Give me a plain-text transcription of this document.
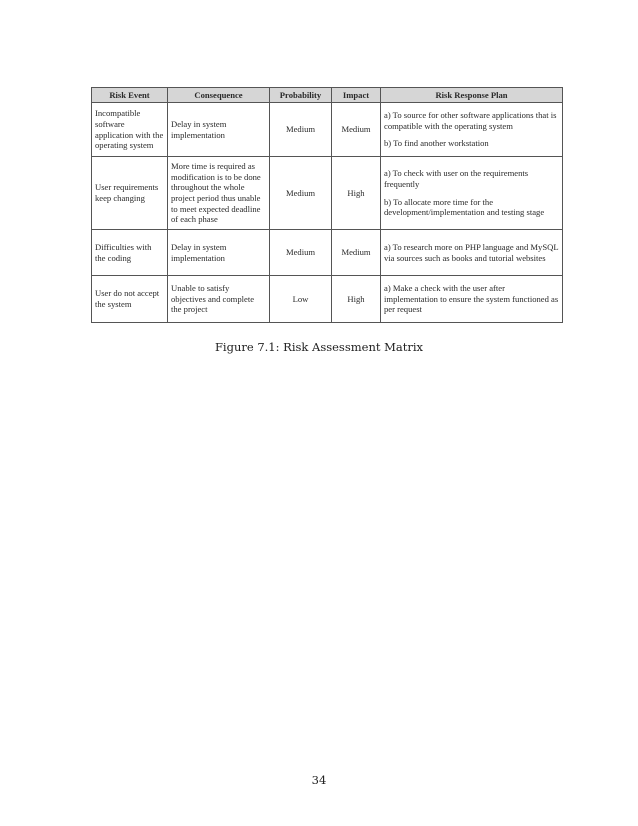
Risk Event	Consequence	Probability	Impact	Risk Response Plan
Incompatible software application with the operating system	Delay in system implementation	Medium	Medium	a) To source for other software applications that is compatible with the operating system
b) To find another workstation

User requirements keep changing	More time is required as modification is to be done throughout the whole project period thus unable to meet expected deadline of each phase	Medium	High	a) To check with user on the requirements frequently
b) To allocate more time for the development/implementation and testing stage

Difficulties with the coding	Delay in system implementation	Medium	Medium	a) To research more on PHP language and MySQL via sources such as books and tutorial websites

User do not accept the system	Unable to satisfy objectives and complete the project	Low	High	a) Make a check with the user after implementation to ensure the system functioned as per request
Figure 7.1: Risk Assessment Matrix
34
